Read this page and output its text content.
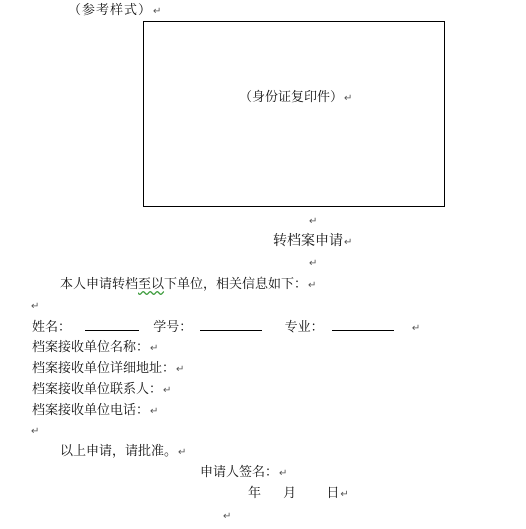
（参考样式）↵
（身份证复印件）↵
↵
转档案申请↵
↵
本人申请转档至以下单位，相关信息如下：↵
↵
姓名：	学号：	专业：	↵
档案接收单位名称：↵
档案接收单位详细地址：↵
档案接收单位联系人：↵
档案接收单位电话：↵
↵
以上申请，请批准。↵
申请人签名：↵
年 月 日↵
↵
